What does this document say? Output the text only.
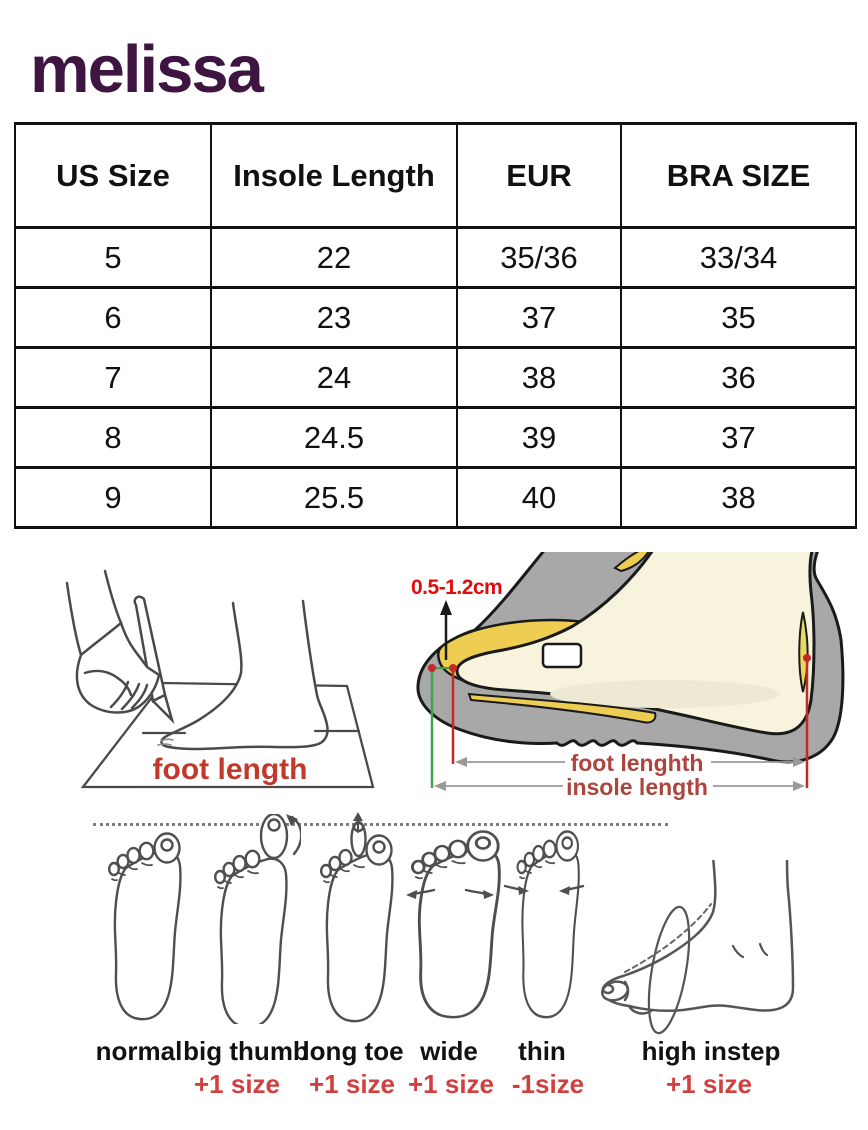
melissa
US Size	Insole Length	EUR	BRA SIZE
5	22	35/36	33/34
6	23	37	35
7	24	38	36
8	24.5	39	37
9	25.5	40	38
foot length
0.5-1.2cm
foot lenghth
insole length
normal big thumb
long toe wide thin	high instep
+1 size +1 size +1 size -1size	+1 size
